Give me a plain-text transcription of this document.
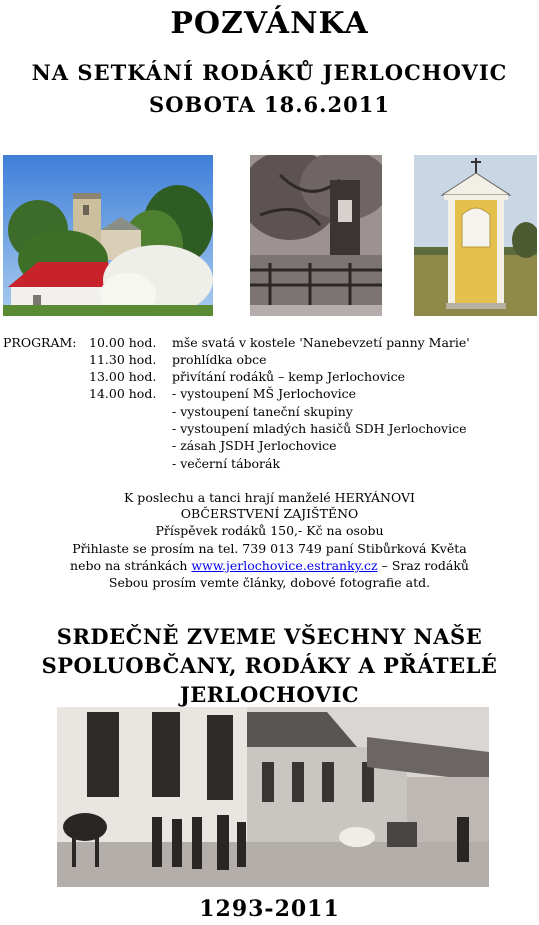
POZVÁNKA
NA SETKÁNÍ RODÁKŮ JERLOCHOVIC
SOBOTA 18.6.2011
PROGRAM: 10.00 hod. mše svatá v kostele 'Nanebevzetí panny Marie'
11.30 hod. prohlídka obce
13.00 hod. přivítání rodáků – kemp Jerlochovice
14.00 hod. - vystoupení MŠ Jerlochovice
- vystoupení taneční skupiny
- vystoupení mladých hasičů SDH Jerlochovice
- zásah JSDH Jerlochovice
- večerní táborák
K poslechu a tanci hrají manželé HERYÁNOVI
OBČERSTVENÍ ZAJIŠTĚNO
Příspěvek rodáků 150,- Kč na osobu
Přihlaste se prosím na tel. 739 013 749 paní Stibůrková Květa
nebo na stránkách www.jerlochovice.estranky.cz – Sraz rodáků
Sebou prosím vemte články, dobové fotografie atd.
SRDEČNĚ ZVEME VŠECHNY NAŠE
SPOLUOBČANY, RODÁKY A PŘÁTELÉ
JERLOCHOVIC
1293-2011
